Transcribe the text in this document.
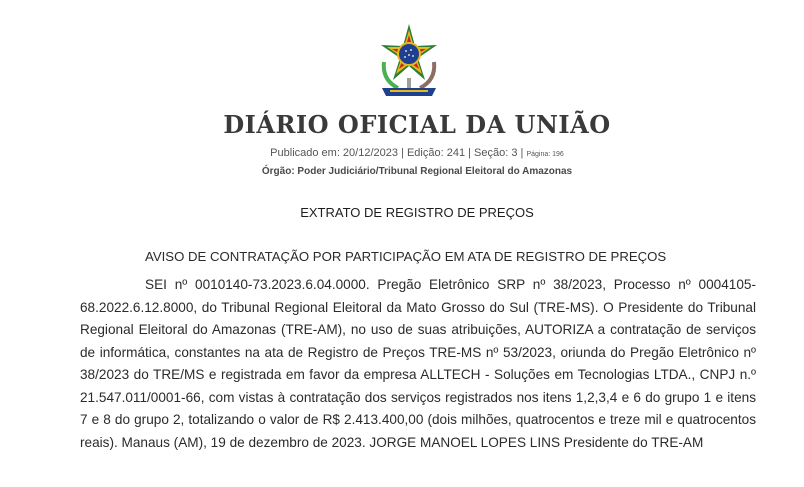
DIÁRIO OFICIAL DA UNIÃO
Publicado em: 20/12/2023 | Edição: 241 | Seção: 3 | Página: 196
Órgão: Poder Judiciário/Tribunal Regional Eleitoral do Amazonas
EXTRATO DE REGISTRO DE PREÇOS
AVISO DE CONTRATAÇÃO POR PARTICIPAÇÃO EM ATA DE REGISTRO DE PREÇOS

SEI nº 0010140-73.2023.6.04.0000. Pregão Eletrônico SRP nº 38/2023, Processo nº 0004105-68.2022.6.12.8000, do Tribunal Regional Eleitoral da Mato Grosso do Sul (TRE-MS). O Presidente do Tribunal Regional Eleitoral do Amazonas (TRE-AM), no uso de suas atribuições, AUTORIZA a contratação de serviços de informática, constantes na ata de Registro de Preços TRE-MS nº 53/2023, oriunda do Pregão Eletrônico nº 38/2023 do TRE/MS e registrada em favor da empresa ALLTECH - Soluções em Tecnologias LTDA., CNPJ n.º 21.547.011/0001-66, com vistas à contratação dos serviços registrados nos itens 1,2,3,4 e 6 do grupo 1 e itens 7 e 8 do grupo 2, totalizando o valor de R$ 2.413.400,00 (dois milhões, quatrocentos e treze mil e quatrocentos reais). Manaus (AM), 19 de dezembro de 2023. JORGE MANOEL LOPES LINS Presidente do TRE-AM
